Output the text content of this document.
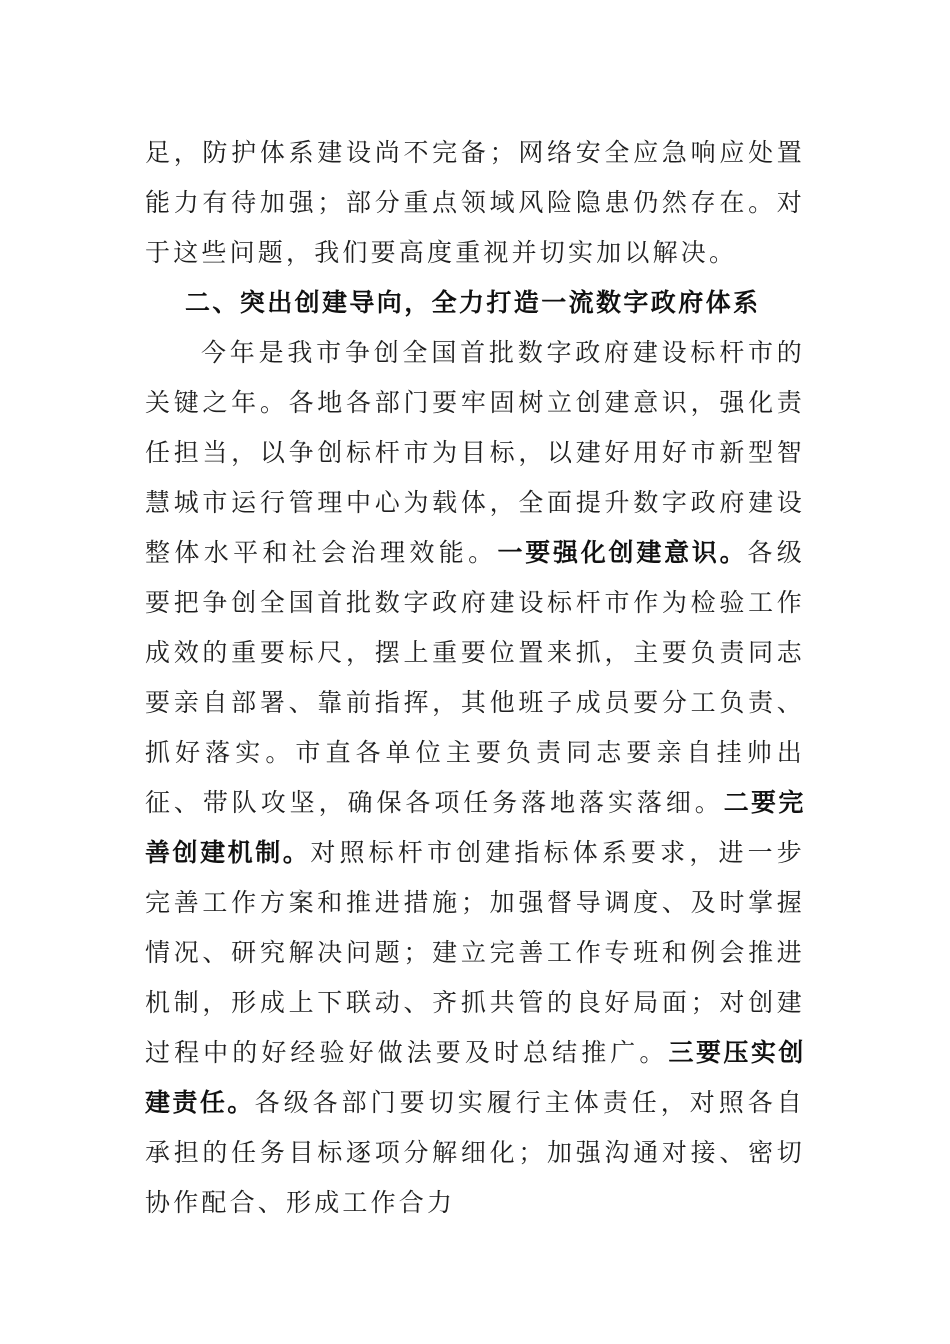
足，防护体系建设尚不完备；网络安全应急响应处置能力有待加强；部分重点领域风险隐患仍然存在。对于这些问题，我们要高度重视并切实加以解决。

二、突出创建导向，全力打造一流数字政府体系

今年是我市争创全国首批数字政府建设标杆市的关键之年。各地各部门要牢固树立创建意识，强化责任担当，以争创标杆市为目标，以建好用好市新型智慧城市运行管理中心为载体，全面提升数字政府建设整体水平和社会治理效能。一要强化创建意识。各级要把争创全国首批数字政府建设标杆市作为检验工作成效的重要标尺，摆上重要位置来抓，主要负责同志要亲自部署、靠前指挥，其他班子成员要分工负责、抓好落实。市直各单位主要负责同志要亲自挂帅出征、带队攻坚，确保各项任务落地落实落细。二要完善创建机制。对照标杆市创建指标体系要求，进一步完善工作方案和推进措施；加强督导调度、及时掌握情况、研究解决问题；建立完善工作专班和例会推进机制，形成上下联动、齐抓共管的良好局面；对创建过程中的好经验好做法要及时总结推广。三要压实创建责任。各级各部门要切实履行主体责任，对照各自承担的任务目标逐项分解细化；加强沟通对接、密切协作配合、形成工作合力
